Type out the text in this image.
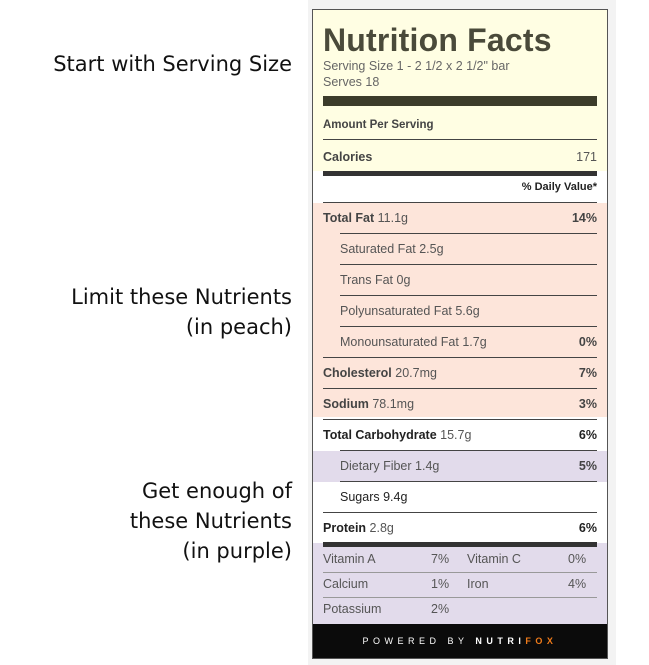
Start with Serving Size
Limit these Nutrients
(in peach)
Get enough of
these Nutrients
(in purple)
Nutrition Facts
Serving Size 1 - 2 1/2 x 2 1/2" bar
Serves 18
Amount Per Serving
Calories	171
% Daily Value*
Total Fat 11.1g	14%
Saturated Fat 2.5g
Trans Fat 0g
Polyunsaturated Fat 5.6g
Monounsaturated Fat 1.7g	0%
Cholesterol 20.7mg	7%
Sodium 78.1mg	3%
Total Carbohydrate 15.7g	6%
Dietary Fiber 1.4g	5%
Sugars 9.4g
Protein 2.8g	6%
Vitamin A	7% Vitamin C	0%
Calcium	1% Iron	4%
Potassium	2%
POWERED BY NUTRIFOX
